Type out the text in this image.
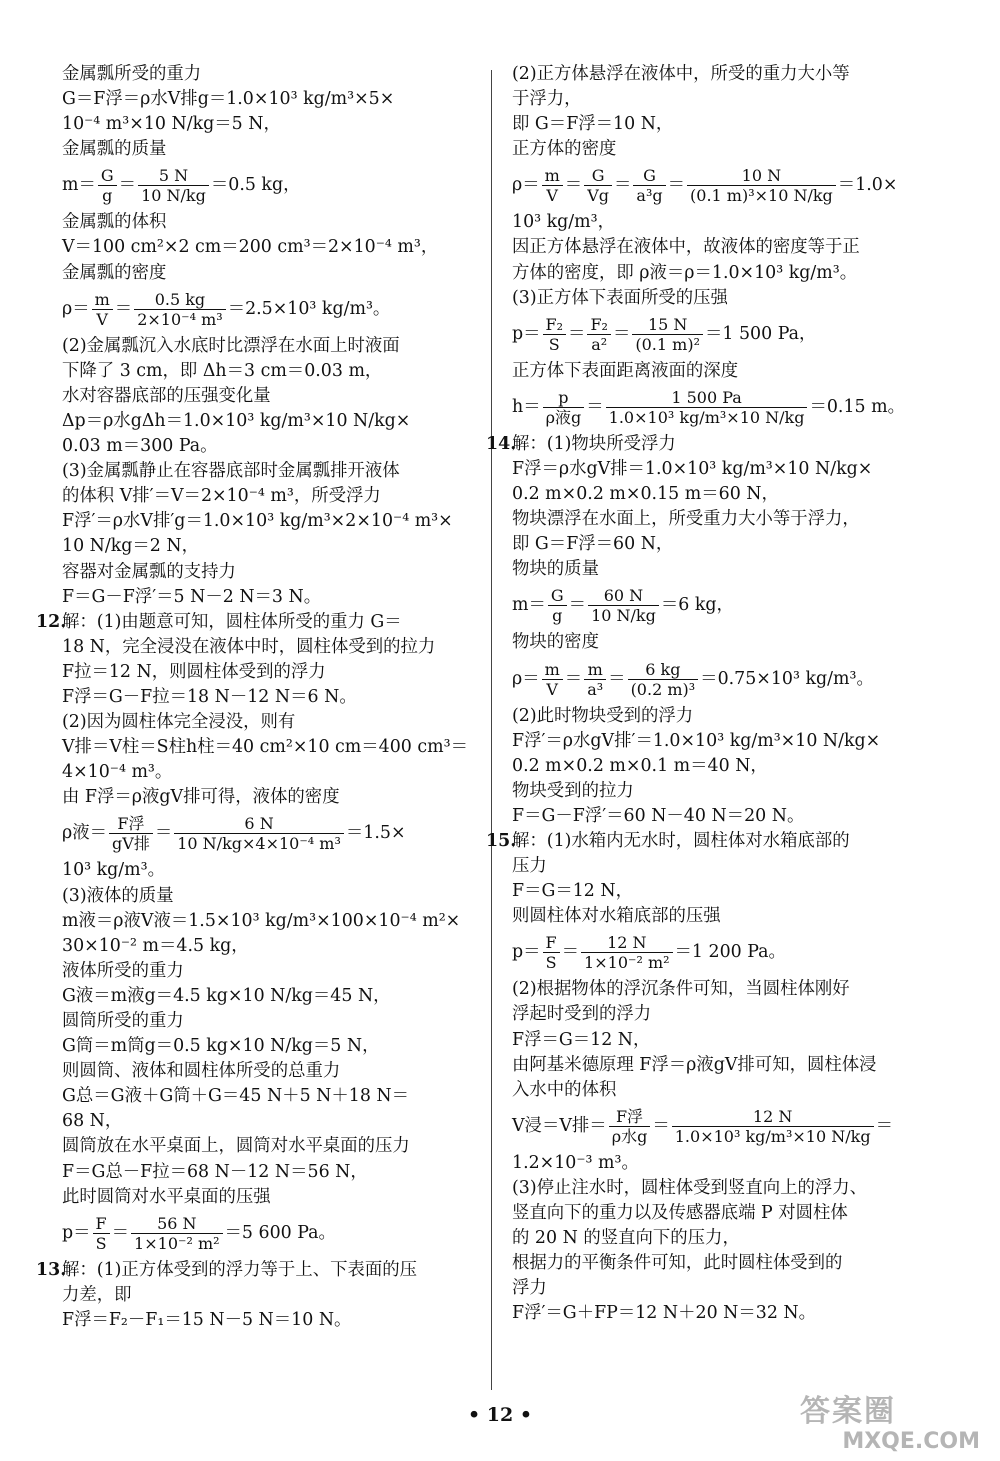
金属瓢所受的重力
G＝F浮＝ρ水V排g＝1.0×10³ kg/m³×5×
10⁻⁴ m³×10 N/kg＝5 N，
金属瓢的质量
$m= \frac{G}{g} = \frac{5 N}{10 N/kg} =0.5$ kg，
金属瓢的体积
V＝100 cm²×2 cm＝200 cm³＝2×10⁻⁴ m³，
金属瓢的密度
$\rho= \frac{m}{V} = \frac{0.5 kg}{\text{2×10⁻⁴ m³}} =2.5\times 10^3$ kg/m³。
(2)金属瓢沉入水底时比漂浮在水面上时液面
下降了 3 cm，即 Δh＝3 cm＝0.03 m，
水对容器底部的压强变化量
Δp＝ρ水gΔh＝1.0×10³ kg/m³×10 N/kg×
0.03 m＝300 Pa。
(3)金属瓢静止在容器底部时金属瓢排开液体
的体积 V排′＝V＝2×10⁻⁴ m³，所受浮力
F浮′＝ρ水V排′g＝1.0×10³ kg/m³×2×10⁻⁴ m³×
10 N/kg＝2 N，
容器对金属瓢的支持力
F＝G－F浮′＝5 N－2 N＝3 N。
12.解：(1)由题意可知，圆柱体所受的重力 G＝
18 N，完全浸没在液体中时，圆柱体受到的拉力
F拉＝12 N，则圆柱体受到的浮力
F浮＝G－F拉＝18 N－12 N＝6 N。
(2)因为圆柱体完全浸没，则有
V排＝V柱＝S柱h柱＝40 cm²×10 cm＝400 cm³＝
4×10⁻⁴ m³。
由 F浮＝ρ液gV排可得，液体的密度
ρ液＝ $\frac{\text{F浮}}{\text{gV排}} = \frac{6 N}{\text{10 N/kg×4×10⁻⁴ m³}} =1.5\times$
10³ kg/m³。
(3)液体的质量
m液＝ρ液V液＝1.5×10³ kg/m³×100×10⁻⁴ m²×
30×10⁻² m＝4.5 kg，
液体所受的重力
G液＝m液g＝4.5 kg×10 N/kg＝45 N，
圆筒所受的重力
G筒＝m筒g＝0.5 kg×10 N/kg＝5 N，
则圆筒、液体和圆柱体所受的总重力
G总＝G液＋G筒＋G＝45 N＋5 N＋18 N＝
68 N，
圆筒放在水平桌面上，圆筒对水平桌面的压力
F＝G总－F拉＝68 N－12 N＝56 N，
此时圆筒对水平桌面的压强
$p= \frac{F}{S} = \frac{56 N}{\text{1×10⁻² m²}} =5$ 600 Pa。
13.解：(1)正方体受到的浮力等于上、下表面的压
力差，即
F浮＝F₂－F₁＝15 N－5 N＝10 N。
(2)正方体悬浮在液体中，所受的重力大小等
于浮力，
即 G＝F浮＝10 N，
正方体的密度
$\rho= \frac{m}{V} = \frac{G}{Vg} = \frac{G}{\text{a³g}} = \frac{10 N}{\text{(0.1 m)³×10 N/kg}} =1.0\times$
10³ kg/m³，
因正方体悬浮在液体中，故液体的密度等于正
方体的密度，即 ρ液＝ρ＝1.0×10³ kg/m³。
(3)正方体下表面所受的压强
$p= \frac{\text{F₂}}{S} = \frac{\text{F₂}}{\text{a²}} = \frac{15 N}{\text{(0.1 m)²}} =1$ 500 Pa，
正方体下表面距离液面的深度
$h= \frac{p}{\text{ρ液g}} = \frac{1 500 Pa}{\text{1.0×10³ kg/m³×10 N/kg}} =0.15$ m。
14.解：(1)物块所受浮力
F浮＝ρ水gV排＝1.0×10³ kg/m³×10 N/kg×
0.2 m×0.2 m×0.15 m＝60 N，
物块漂浮在水面上，所受重力大小等于浮力，
即 G＝F浮＝60 N，
物块的质量
$m= \frac{G}{g} = \frac{60 N}{10 N/kg} =6$ kg，
物块的密度
$\rho= \frac{m}{V} = \frac{m}{\text{a³}} = \frac{6 kg}{\text{(0.2 m)³}} =0.75\times 10^3$ kg/m³。
(2)此时物块受到的浮力
F浮′＝ρ水gV排′＝1.0×10³ kg/m³×10 N/kg×
0.2 m×0.2 m×0.1 m＝40 N，
物块受到的拉力
F＝G－F浮′＝60 N－40 N＝20 N。
15.解：(1)水箱内无水时，圆柱体对水箱底部的
压力
F＝G＝12 N，
则圆柱体对水箱底部的压强
$p= \frac{F}{S} = \frac{12 N}{\text{1×10⁻² m²}} =1$ 200 Pa。
(2)根据物体的浮沉条件可知，当圆柱体刚好
浮起时受到的浮力
F浮＝G＝12 N，
由阿基米德原理 F浮＝ρ液gV排可知，圆柱体浸
入水中的体积
V浸＝V排＝ $\frac{\text{F浮}}{\text{ρ水g}} = \frac{12 N}{\text{1.0×10³ kg/m³×10 N/kg}}$ ＝
1.2×10⁻³ m³。
(3)停止注水时，圆柱体受到竖直向上的浮力、
竖直向下的重力以及传感器底端 P 对圆柱体
的 20 N 的竖直向下的压力，
根据力的平衡条件可知，此时圆柱体受到的
浮力
F浮′＝G＋FP＝12 N＋20 N＝32 N。
• 12 •	答案圈
MXQE.COM
